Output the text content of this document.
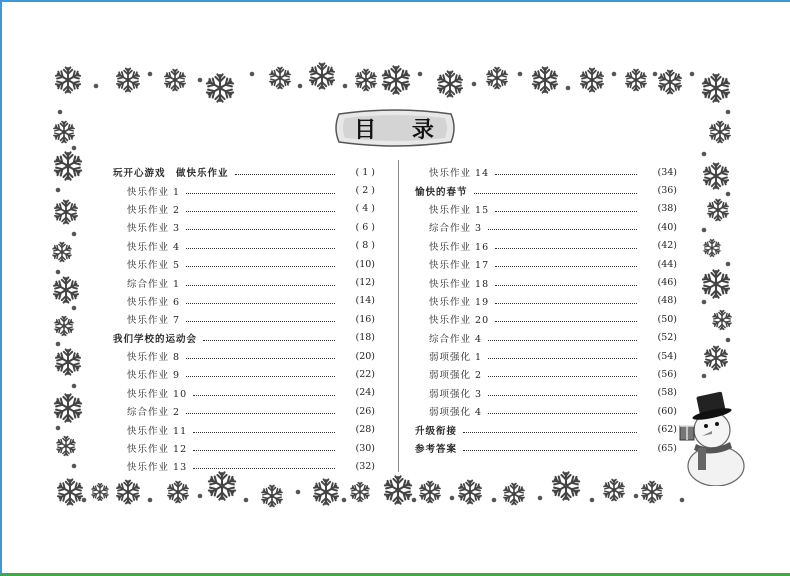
目 录
玩开心游戏　做快乐作业	( 1 )
快乐作业 1	( 2 )
快乐作业 2	( 4 )
快乐作业 3	( 6 )
快乐作业 4	( 8 )
快乐作业 5	(10)
综合作业 1	(12)
快乐作业 6	(14)
快乐作业 7	(16)
我们学校的运动会	(18)
快乐作业 8	(20)
快乐作业 9	(22)
快乐作业 10	(24)
综合作业 2	(26)
快乐作业 11	(28)
快乐作业 12	(30)
快乐作业 13	(32)
快乐作业 14	(34)
愉快的春节	(36)
快乐作业 15	(38)
综合作业 3	(40)
快乐作业 16	(42)
快乐作业 17	(44)
快乐作业 18	(46)
快乐作业 19	(48)
快乐作业 20	(50)
综合作业 4	(52)
弱项强化 1	(54)
弱项强化 2	(56)
弱项强化 3	(58)
弱项强化 4	(60)
升级衔接	(62)
参考答案	(65)
